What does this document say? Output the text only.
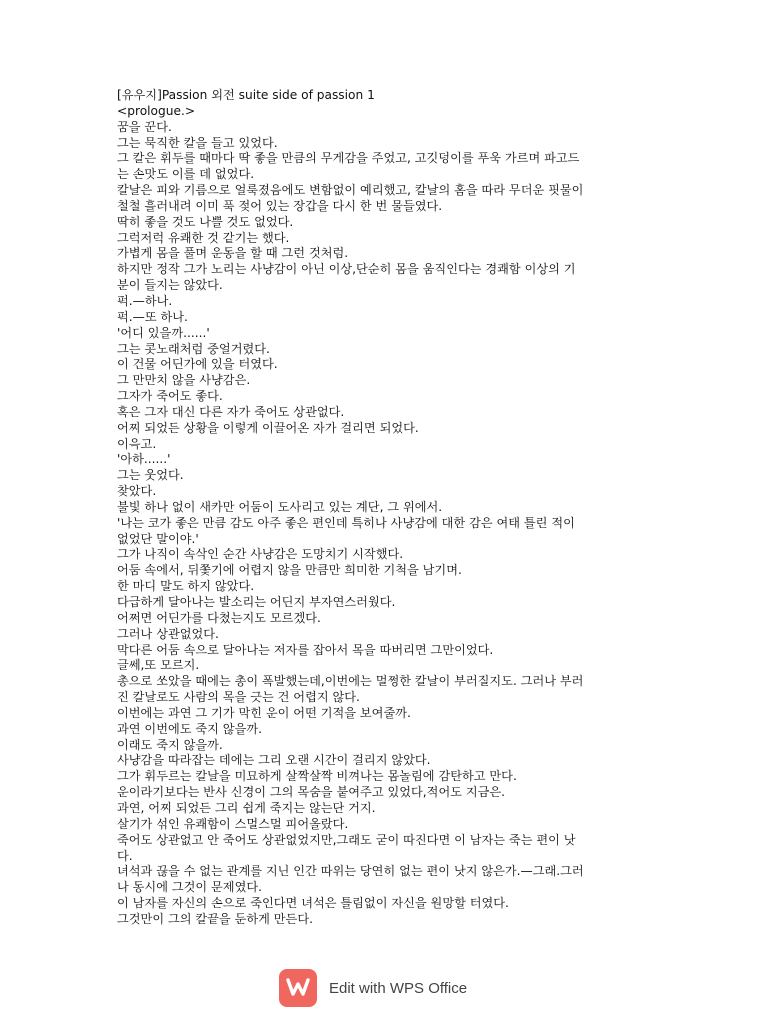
[유우지]Passion 외전 suite side of passion 1
<prologue.>
꿈을 꾼다.
그는 묵직한 칼을 들고 있었다.
그 칼은 휘두를 때마다 딱 좋을 만큼의 무게감을 주었고, 고깃덩이를 푸욱 가르며 파고드
는 손맛도 이를 데 없었다.
칼날은 피와 기름으로 얼룩졌음에도 변함없이 예리했고, 칼날의 홈을 따라 무더운 핏물이
철철 흘러내려 이미 푹 젖어 있는 장갑을 다시 한 번 물들였다.
딱히 좋을 것도 나쁠 것도 없었다.
그럭저럭 유쾌한 것 같기는 했다.
가볍게 몸을 풀며 운동을 할 때 그런 것처럼.
하지만 정작 그가 노리는 사냥감이 아닌 이상,단순히 몸을 움직인다는 경쾌함 이상의 기
분이 들지는 않았다.
퍽.—하나.
퍽.—또 하나.
'어디 있을까......'
그는 콧노래처럼 중얼거렸다.
이 건물 어딘가에 있을 터였다.
그 만만치 않을 사냥감은.
그자가 죽어도 좋다.
혹은 그자 대신 다른 자가 죽어도 상관없다.
어찌 되었든 상황을 이렇게 이끌어온 자가 걸리면 되었다.
이윽고.
'아하......'
그는 웃었다.
찾았다.
불빛 하나 없이 새카만 어둠이 도사리고 있는 계단, 그 위에서.
'나는 코가 좋은 만큼 감도 아주 좋은 편인데 특히나 사냥감에 대한 감은 여태 틀린 적이
없었단 말이야.'
그가 나직이 속삭인 순간 사냥감은 도망치기 시작했다.
어둠 속에서, 뒤쫓기에 어렵지 않을 만큼만 희미한 기척을 남기며.
한 마디 말도 하지 않았다.
다급하게 달아나는 발소리는 어딘지 부자연스러웠다.
어쩌면 어딘가를 다쳤는지도 모르겠다.
그러나 상관없었다.
막다른 어둠 속으로 달아나는 저자를 잡아서 목을 따버리면 그만이었다.
글쎄,또 모르지.
총으로 쏘았을 때에는 총이 폭발했는데,이번에는 멀쩡한 칼날이 부러질지도. 그러나 부러
진 칼날로도 사람의 목을 긋는 건 어렵지 않다.
이번에는 과연 그 기가 막힌 운이 어떤 기적을 보여줄까.
과연 이번에도 죽지 않을까.
이래도 죽지 않을까.
사냥감을 따라잡는 데에는 그리 오랜 시간이 걸리지 않았다.
그가 휘두르는 칼날을 미묘하게 살짝살짝 비껴나는 몸놀림에 감탄하고 만다.
운이라기보다는 반사 신경이 그의 목숨을 붙여주고 있었다,적어도 지금은.
과연, 어찌 되었든 그리 쉽게 죽지는 않는단 거지.
살기가 섞인 유쾌함이 스멀스멀 피어올랐다.
죽어도 상관없고 안 죽어도 상관없었지만,그래도 굳이 따진다면 이 남자는 죽는 편이 낫
다.
녀석과 끊을 수 없는 관계를 지닌 인간 따위는 당연히 없는 편이 낫지 않은가.—그래.그러
나 동시에 그것이 문제였다.
이 남자를 자신의 손으로 죽인다면 녀석은 틀림없이 자신을 원망할 터였다.
그것만이 그의 칼끝을 둔하게 만든다.
Edit with WPS Office
